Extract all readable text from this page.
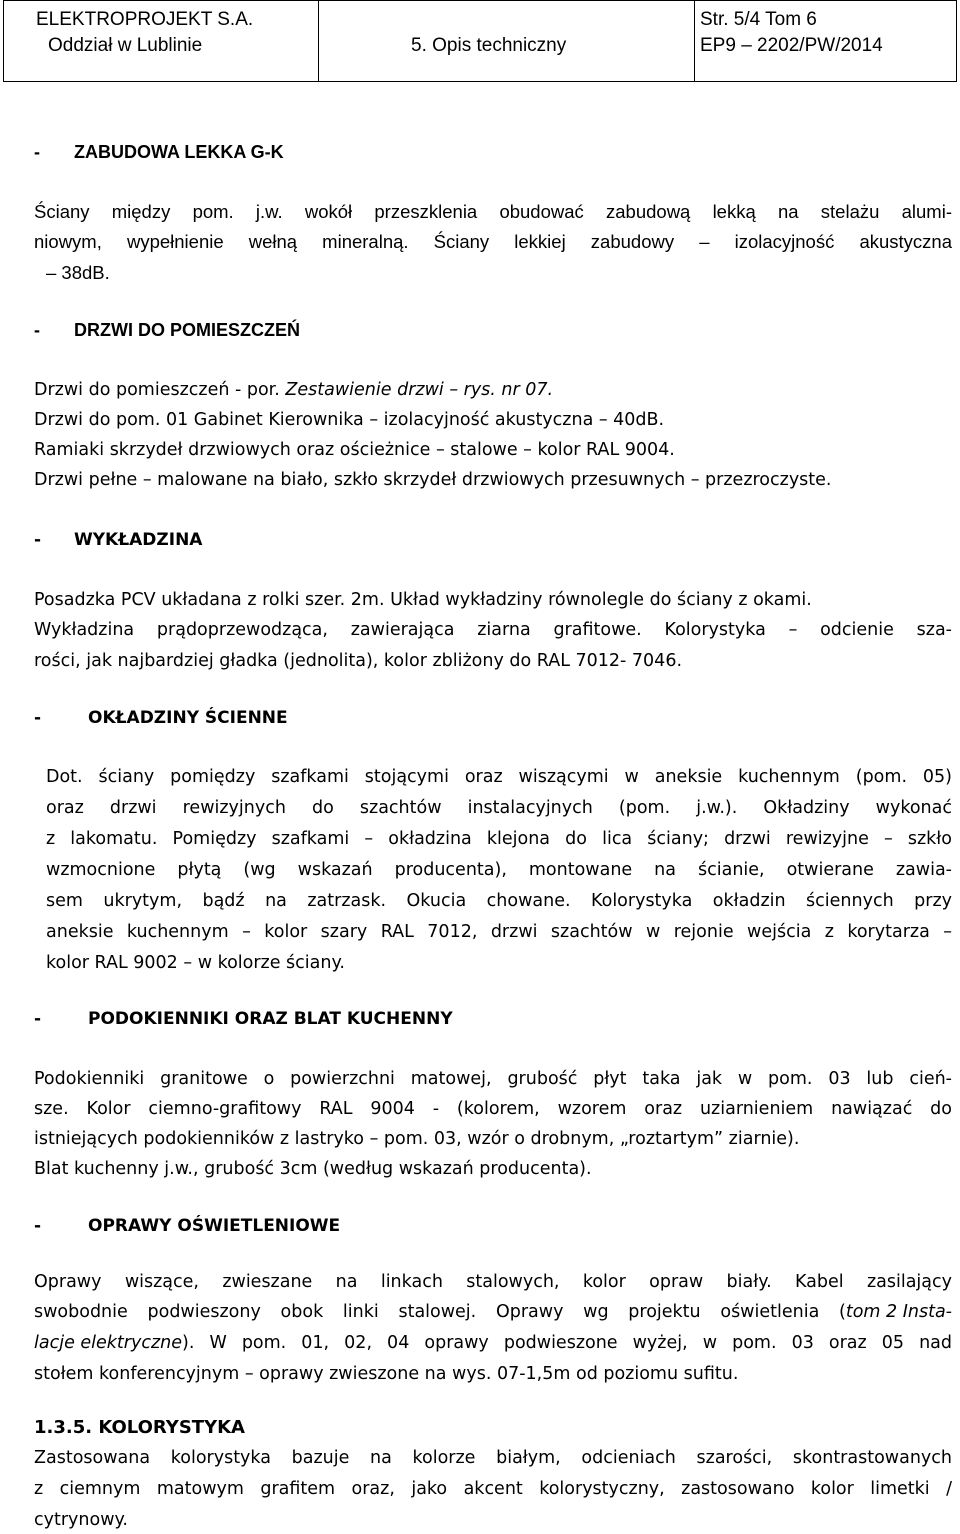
ELEKTROPROJEKT S.A.
Oddział w Lublinie	5. Opis techniczny
Str. 5/4 Tom 6
EP9 – 2202/PW/2014
- ZABUDOWA LEKKA G-K
Ściany między pom. j.w. wokół przeszklenia obudować zabudową lekką na stelażu alumi-
niowym, wypełnienie wełną mineralną. Ściany lekkiej zabudowy – izolacyjność akustyczna
– 38dB.
- DRZWI DO POMIESZCZEŃ
Drzwi do pomieszczeń - por. Zestawienie drzwi – rys. nr 07.
Drzwi do pom. 01 Gabinet Kierownika – izolacyjność akustyczna – 40dB.
Ramiaki skrzydeł drzwiowych oraz ościeżnice – stalowe – kolor RAL 9004.
Drzwi pełne – malowane na biało, szkło skrzydeł drzwiowych przesuwnych – przezroczyste.
- WYKŁADZINA
Posadzka PCV układana z rolki szer. 2m. Układ wykładziny równolegle do ściany z okami.
Wykładzina prądoprzewodząca, zawierająca ziarna grafitowe. Kolorystyka – odcienie sza-
rości, jak najbardziej gładka (jednolita), kolor zbliżony do RAL 7012- 7046.
-	OKŁADZINY ŚCIENNE
Dot. ściany pomiędzy szafkami stojącymi oraz wiszącymi w aneksie kuchennym (pom. 05)
oraz drzwi rewizyjnych do szachtów instalacyjnych (pom. j.w.). Okładziny wykonać
z lakomatu. Pomiędzy szafkami – okładzina klejona do lica ściany; drzwi rewizyjne – szkło
wzmocnione płytą (wg wskazań producenta), montowane na ścianie, otwierane zawia-
sem ukrytym, bądź na zatrzask. Okucia chowane. Kolorystyka okładzin ściennych przy
aneksie kuchennym – kolor szary RAL 7012, drzwi szachtów w rejonie wejścia z korytarza –
kolor RAL 9002 – w kolorze ściany.
-	PODOKIENNIKI ORAZ BLAT KUCHENNY
Podokienniki granitowe o powierzchni matowej, grubość płyt taka jak w pom. 03 lub cień-
sze. Kolor ciemno-grafitowy RAL 9004 - (kolorem, wzorem oraz uziarnieniem nawiązać do
istniejących podokienników z lastryko – pom. 03, wzór o drobnym, „roztartym” ziarnie).
Blat kuchenny j.w., grubość 3cm (według wskazań producenta).
-	OPRAWY OŚWIETLENIOWE
Oprawy wiszące, zwieszane na linkach stalowych, kolor opraw biały. Kabel zasilający
swobodnie podwieszony obok linki stalowej. Oprawy wg projektu oświetlenia ( tom 2 Insta-
lacje elektryczne ). W pom. 01, 02, 04 oprawy podwieszone wyżej, w pom. 03 oraz 05 nad
stołem konferencyjnym – oprawy zwieszone na wys. 07-1,5m od poziomu sufitu.
1.3.5. KOLORYSTYKA
Zastosowana kolorystyka bazuje na kolorze białym, odcieniach szarości, skontrastowanych
z ciemnym matowym grafitem oraz, jako akcent kolorystyczny, zastosowano kolor limetki /
cytrynowy.
